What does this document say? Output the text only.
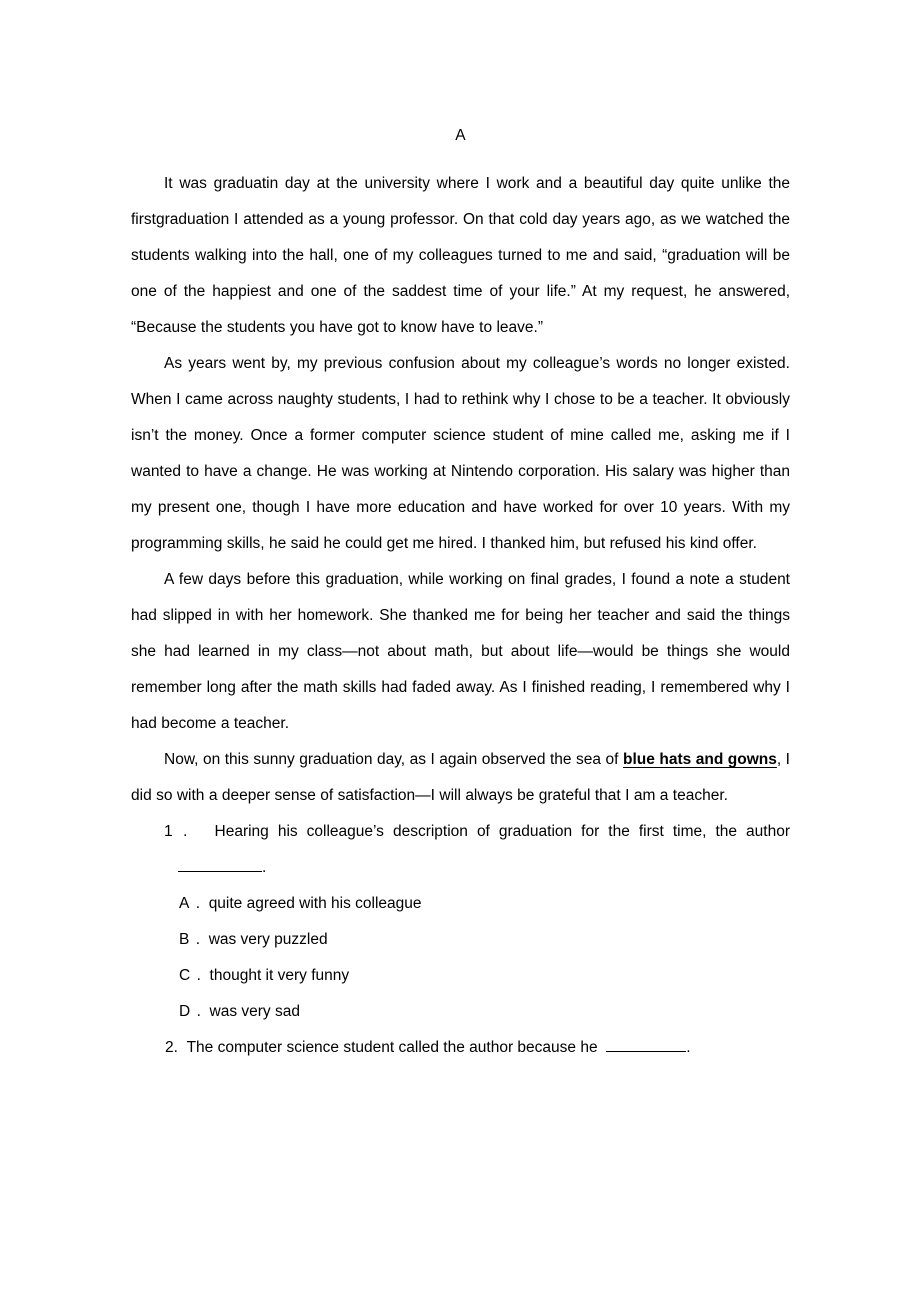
A

It was graduatin day at the university where I work and a beautiful day quite unlike the firstgraduation I attended as a young professor. On that cold day years ago, as we watched the students walking into the hall, one of my colleagues turned to me and said, “graduation will be one of the happiest and one of the saddest time of your life.” At my request, he answered, “Because the students you have got to know have to leave.”

As years went by, my previous confusion about my colleague’s words no longer existed. When I came across naughty students, I had to rethink why I chose to be a teacher. It obviously isn’t the money. Once a former computer science student of mine called me, asking me if I wanted to have a change. He was working at Nintendo corporation. His salary was higher than my present one, though I have more education and have worked for over 10 years. With my programming skills, he said he could get me hired. I thanked him, but refused his kind offer.

A few days before this graduation, while working on final grades, I found a note a student had slipped in with her homework. She thanked me for being her teacher and said the things she had learned in my class—not about math, but about life—would be things she would remember long after the math skills had faded away. As I finished reading, I remembered why I had become a teacher.

Now, on this sunny graduation day, as I again observed the sea of blue hats and gowns, I did so with a deeper sense of satisfaction—I will always be grateful that I am a teacher.

1 . Hearing his colleague’s description of graduation for the first time, the author.

A . quite agreed with his colleague

B . was very puzzled

C . thought it very funny

D . was very sad

2. The computer science student called the author because he	.
